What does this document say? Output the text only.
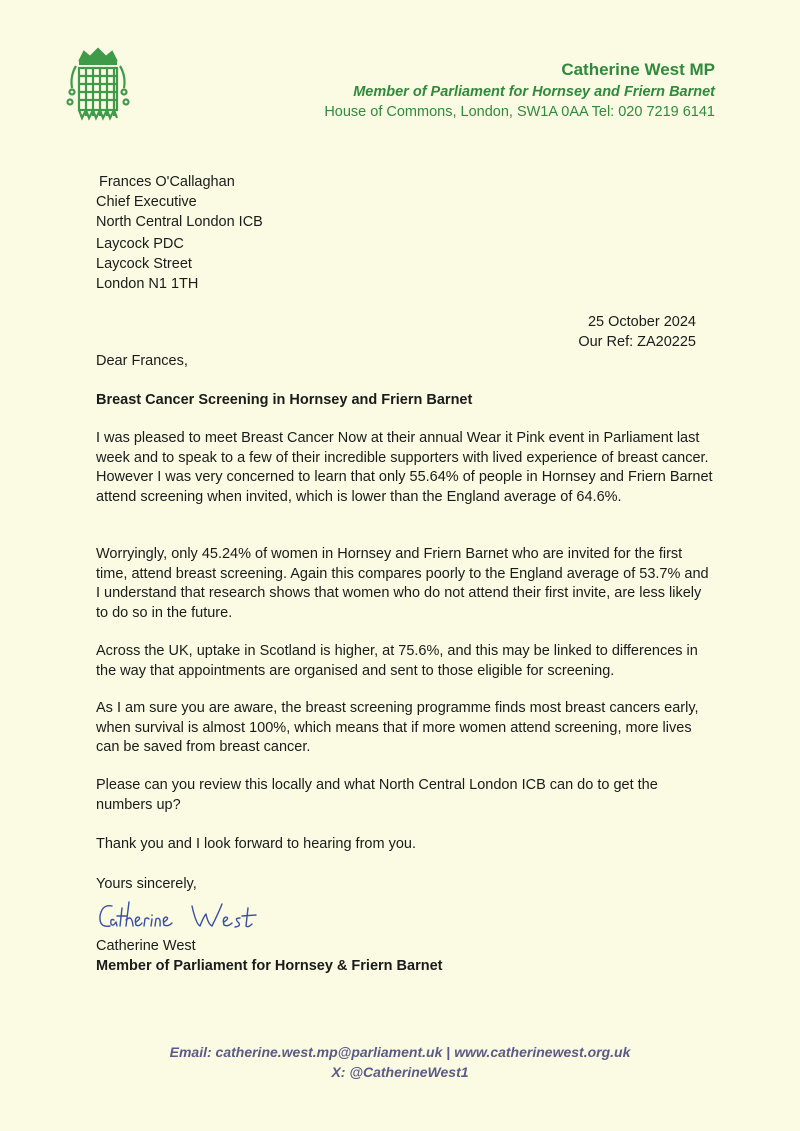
Catherine West MP
Member of Parliament for Hornsey and Friern Barnet
House of Commons, London, SW1A 0AA Tel: 020 7219 6141
Frances O'Callaghan
Chief Executive
North Central London ICB
Laycock PDC
Laycock Street
London N1 1TH
25 October 2024
Our Ref: ZA20225
Dear Frances,
Breast Cancer Screening in Hornsey and Friern Barnet
I was pleased to meet Breast Cancer Now at their annual Wear it Pink event in Parliament last week and to speak to a few of their incredible supporters with lived experience of breast cancer. However I was very concerned to learn that only 55.64% of people in Hornsey and Friern Barnet attend screening when invited, which is lower than the England average of 64.6%.
Worryingly, only 45.24% of women in Hornsey and Friern Barnet who are invited for the first time, attend breast screening. Again this compares poorly to the England average of 53.7% and I understand that research shows that women who do not attend their first invite, are less likely to do so in the future.
Across the UK, uptake in Scotland is higher, at 75.6%, and this may be linked to differences in the way that appointments are organised and sent to those eligible for screening.
As I am sure you are aware, the breast screening programme finds most breast cancers early, when survival is almost 100%, which means that if more women attend screening, more lives can be saved from breast cancer.
Please can you review this locally and what North Central London ICB can do to get the numbers up?
Thank you and I look forward to hearing from you.
Yours sincerely,
Catherine West
Member of Parliament for Hornsey & Friern Barnet
Email: catherine.west.mp@parliament.uk | www.catherinewest.org.uk
X: @CatherineWest1
